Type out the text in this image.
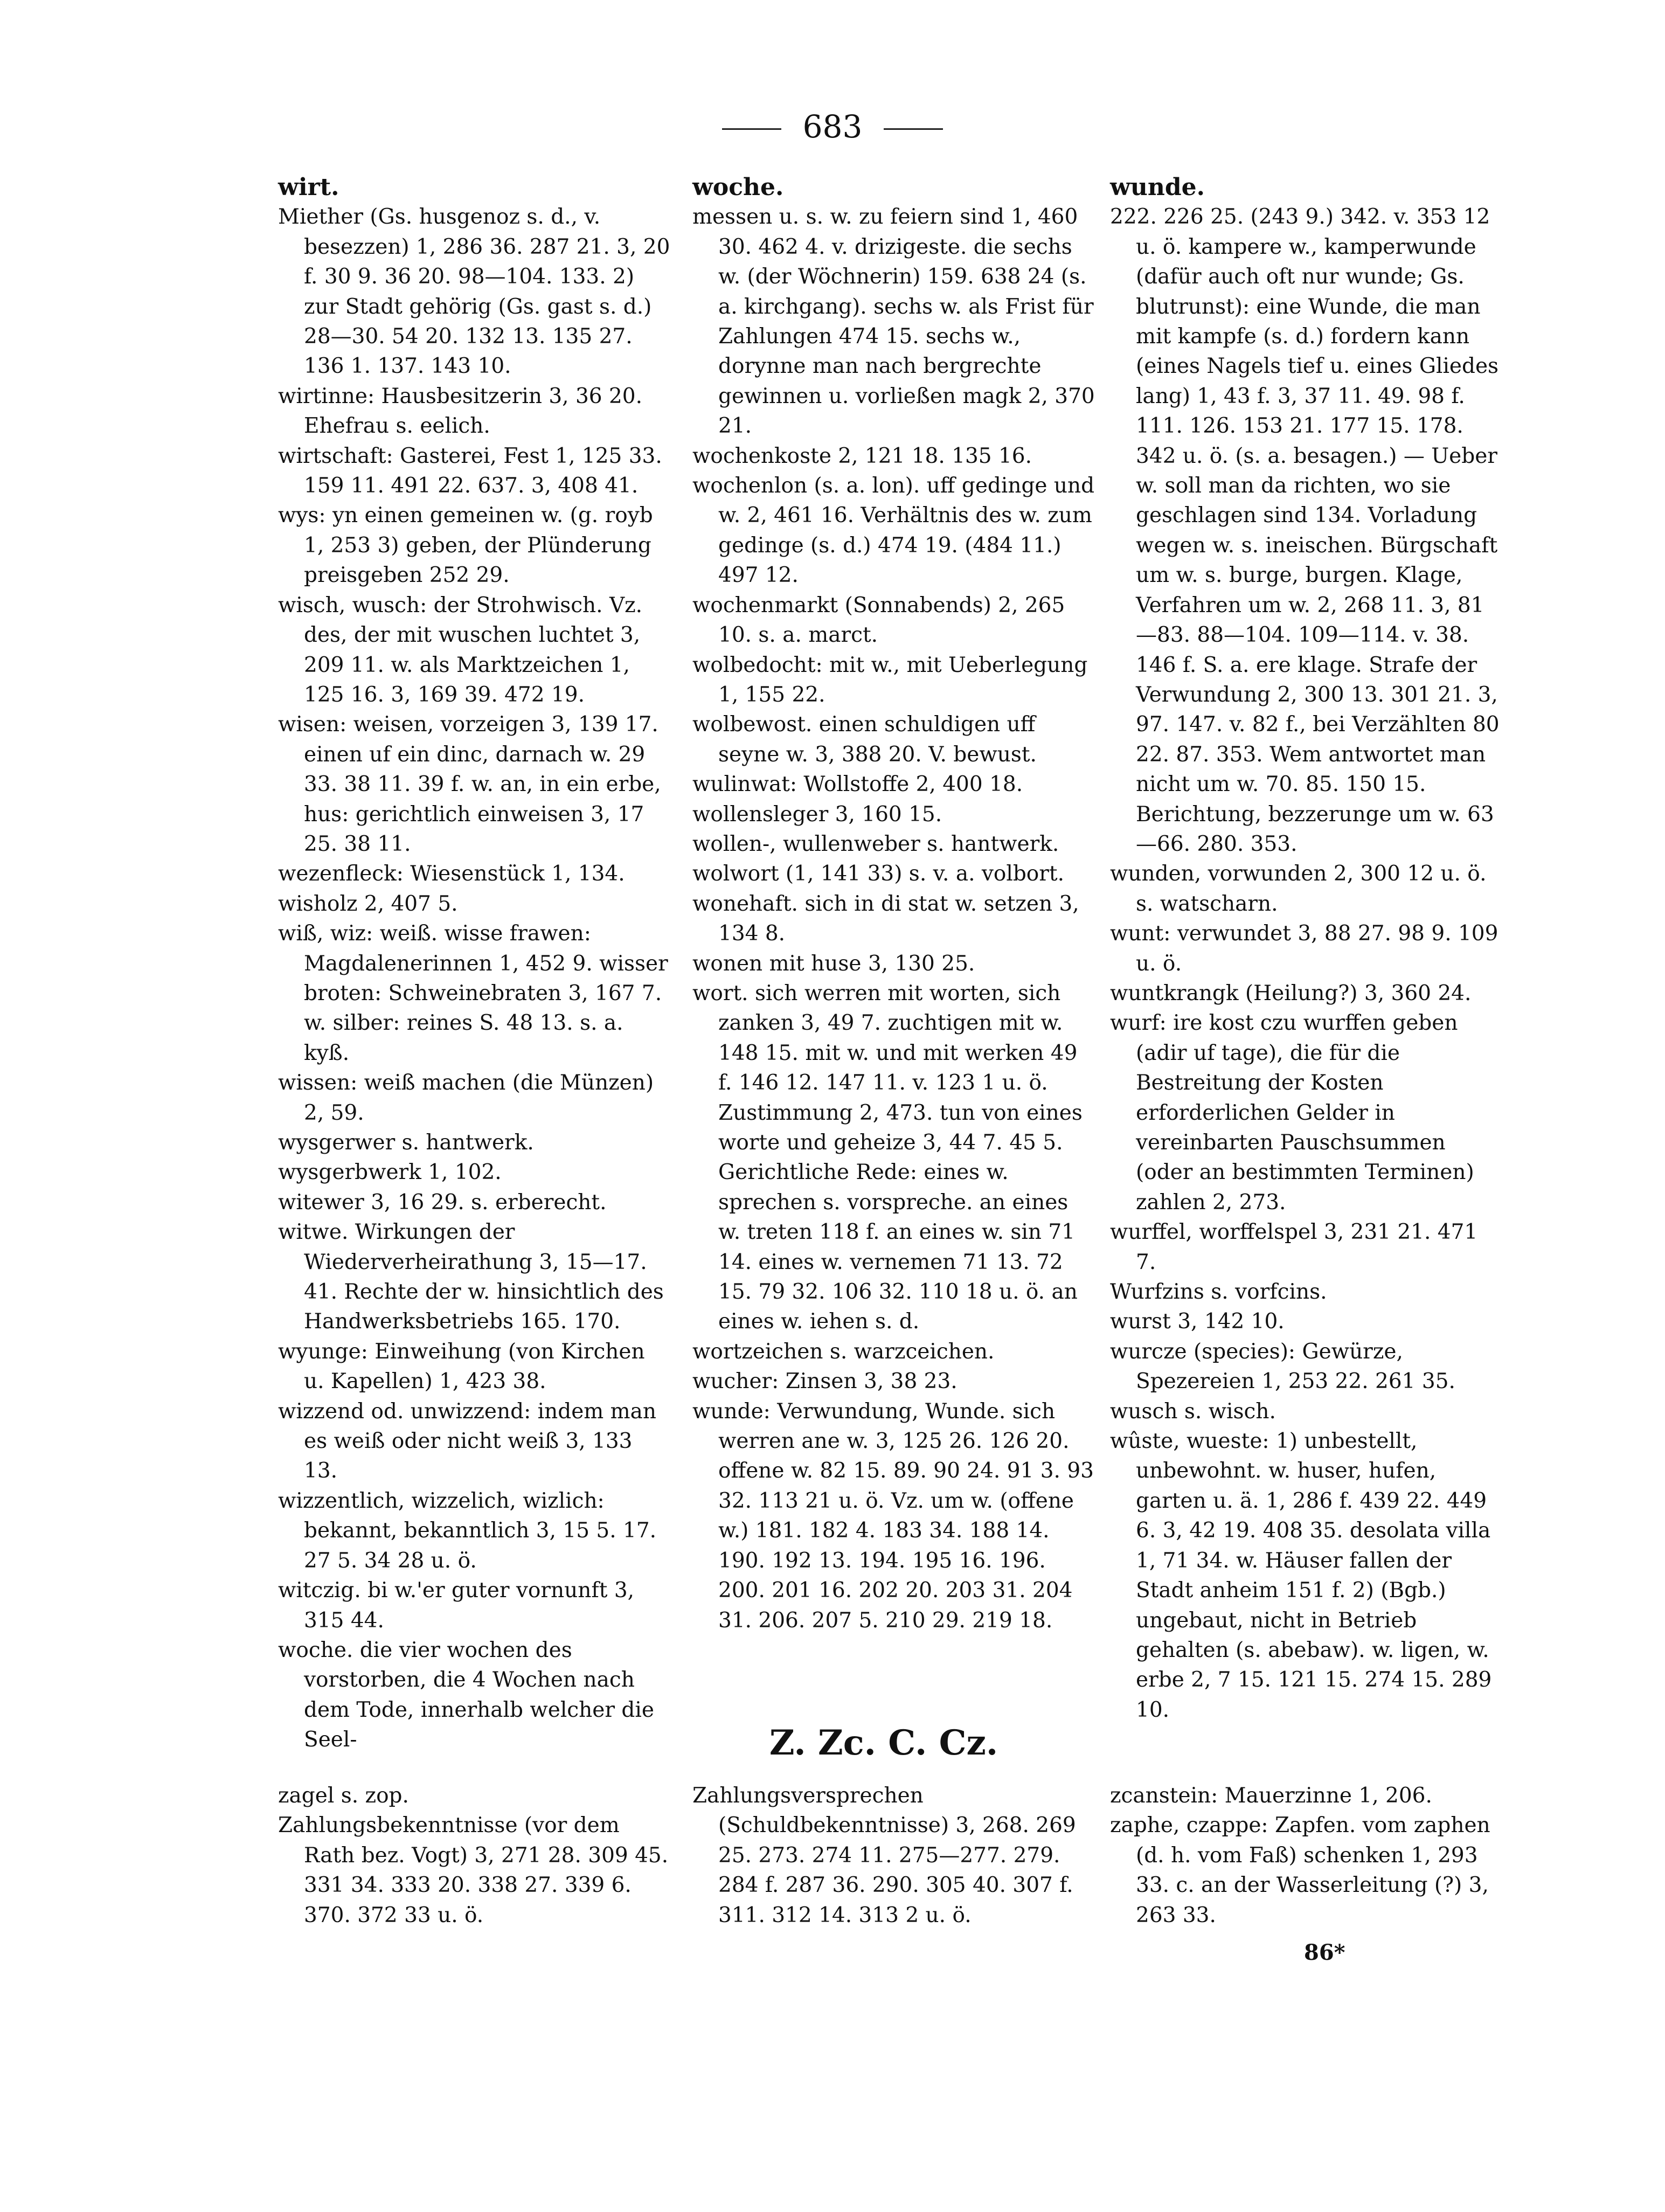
683
wirt.

Miether (Gs. husgenoz s. d., v. besezzen) 1, 286 36. 287 21. 3, 20 f. 30 9. 36 20. 98—104. 133. 2) zur Stadt gehörig (Gs. gast s. d.) 28—30. 54 20. 132 13. 135 27. 136 1. 137. 143 10.

wirtinne: Hausbesitzerin 3, 36 20. Ehefrau s. eelich.

wirtschaft: Gasterei, Fest 1, 125 33. 159 11. 491 22. 637. 3, 408 41.

wys: yn einen gemeinen w. (g. royb 1, 253 3) geben, der Plünderung preisgeben 252 29.

wisch, wusch: der Strohwisch. Vz. des, der mit wuschen luchtet 3, 209 11. w. als Marktzeichen 1, 125 16. 3, 169 39. 472 19.

wisen: weisen, vorzeigen 3, 139 17. einen uf ein dinc, darnach w. 29 33. 38 11. 39 f. w. an, in ein erbe, hus: gerichtlich einweisen 3, 17 25. 38 11.

wezenfleck: Wiesenstück 1, 134.

wisholz 2, 407 5.

wiß, wiz: weiß. wisse frawen: Magdalenerinnen 1, 452 9. wisser broten: Schweinebraten 3, 167 7. w. silber: reines S. 48 13. s. a. kyß.

wissen: weiß machen (die Münzen) 2, 59.

wysgerwer s. hantwerk.

wysgerbwerk 1, 102.

witewer 3, 16 29. s. erberecht.

witwe. Wirkungen der Wiederverheirathung 3, 15—17. 41. Rechte der w. hinsichtlich des Handwerksbetriebs 165. 170.

wyunge: Einweihung (von Kirchen u. Kapellen) 1, 423 38.

wizzend od. unwizzend: indem man es weiß oder nicht weiß 3, 133 13.

wizzentlich, wizzelich, wizlich: bekannt, bekanntlich 3, 15 5. 17. 27 5. 34 28 u. ö.

witczig. bi w.'er guter vornunft 3, 315 44.

woche. die vier wochen des vorstorben, die 4 Wochen nach dem Tode, innerhalb welcher die Seel-

woche.

messen u. s. w. zu feiern sind 1, 460 30. 462 4. v. drizigeste. die sechs w. (der Wöchnerin) 159. 638 24 (s. a. kirchgang). sechs w. als Frist für Zahlungen 474 15. sechs w., dorynne man nach bergrechte gewinnen u. vorließen magk 2, 370 21.

wochenkoste 2, 121 18. 135 16.

wochenlon (s. a. lon). uff gedinge und w. 2, 461 16. Verhältnis des w. zum gedinge (s. d.) 474 19. (484 11.) 497 12.

wochenmarkt (Sonnabends) 2, 265 10. s. a. marct.

wolbedocht: mit w., mit Ueberlegung 1, 155 22.

wolbewost. einen schuldigen uff seyne w. 3, 388 20. V. bewust.

wulinwat: Wollstoffe 2, 400 18.

wollensleger 3, 160 15.

wollen-, wullenweber s. hantwerk.

wolwort (1, 141 33) s. v. a. volbort.

wonehaft. sich in di stat w. setzen 3, 134 8.

wonen mit huse 3, 130 25.

wort. sich werren mit worten, sich zanken 3, 49 7. zuchtigen mit w. 148 15. mit w. und mit werken 49 f. 146 12. 147 11. v. 123 1 u. ö. Zustimmung 2, 473. tun von eines worte und geheize 3, 44 7. 45 5. Gerichtliche Rede: eines w. sprechen s. vorspreche. an eines w. treten 118 f. an eines w. sin 71 14. eines w. vernemen 71 13. 72 15. 79 32. 106 32. 110 18 u. ö. an eines w. iehen s. d.

wortzeichen s. warzceichen.

wucher: Zinsen 3, 38 23.

wunde: Verwundung, Wunde. sich werren ane w. 3, 125 26. 126 20. offene w. 82 15. 89. 90 24. 91 3. 93 32. 113 21 u. ö. Vz. um w. (offene w.) 181. 182 4. 183 34. 188 14. 190. 192 13. 194. 195 16. 196. 200. 201 16. 202 20. 203 31. 204 31. 206. 207 5. 210 29. 219 18.

wunde.

222. 226 25. (243 9.) 342. v. 353 12 u. ö. kampere w., kamperwunde (dafür auch oft nur wunde; Gs. blutrunst): eine Wunde, die man mit kampfe (s. d.) fordern kann (eines Nagels tief u. eines Gliedes lang) 1, 43 f. 3, 37 11. 49. 98 f. 111. 126. 153 21. 177 15. 178. 342 u. ö. (s. a. besagen.) — Ueber w. soll man da richten, wo sie geschlagen sind 134. Vorladung wegen w. s. ineischen. Bürgschaft um w. s. burge, burgen. Klage, Verfahren um w. 2, 268 11. 3, 81—83. 88—104. 109—114. v. 38. 146 f. S. a. ere klage. Strafe der Verwundung 2, 300 13. 301 21. 3, 97. 147. v. 82 f., bei Verzählten 80 22. 87. 353. Wem antwortet man nicht um w. 70. 85. 150 15. Berichtung, bezzerunge um w. 63—66. 280. 353.

wunden, vorwunden 2, 300 12 u. ö. s. watscharn.

wunt: verwundet 3, 88 27. 98 9. 109 u. ö.

wuntkrangk (Heilung?) 3, 360 24.

wurf: ire kost czu wurffen geben (adir uf tage), die für die Bestreitung der Kosten erforderlichen Gelder in vereinbarten Pauschsummen (oder an bestimmten Terminen) zahlen 2, 273.

wurffel, worffelspel 3, 231 21. 471 7.

Wurfzins s. vorfcins.

wurst 3, 142 10.

wurcze (species): Gewürze, Spezereien 1, 253 22. 261 35.

wusch s. wisch.

wûste, wueste: 1) unbestellt, unbewohnt. w. huser, hufen, garten u. ä. 1, 286 f. 439 22. 449 6. 3, 42 19. 408 35. desolata villa 1, 71 34. w. Häuser fallen der Stadt anheim 151 f. 2) (Bgb.) ungebaut, nicht in Betrieb gehalten (s. abebaw). w. ligen, w. erbe 2, 7 15. 121 15. 274 15. 289 10.

Z. Zc. C. Cz.

zagel s. zop.

Zahlungsbekenntnisse (vor dem Rath bez. Vogt) 3, 271 28. 309 45. 331 34. 333 20. 338 27. 339 6. 370. 372 33 u. ö.

Zahlungsversprechen (Schuldbekenntnisse) 3, 268. 269 25. 273. 274 11. 275—277. 279. 284 f. 287 36. 290. 305 40. 307 f. 311. 312 14. 313 2 u. ö.

zcanstein: Mauerzinne 1, 206.

zaphe, czappe: Zapfen. vom zaphen (d. h. vom Faß) schenken 1, 293 33. c. an der Wasserleitung (?) 3, 263 33.

86*
